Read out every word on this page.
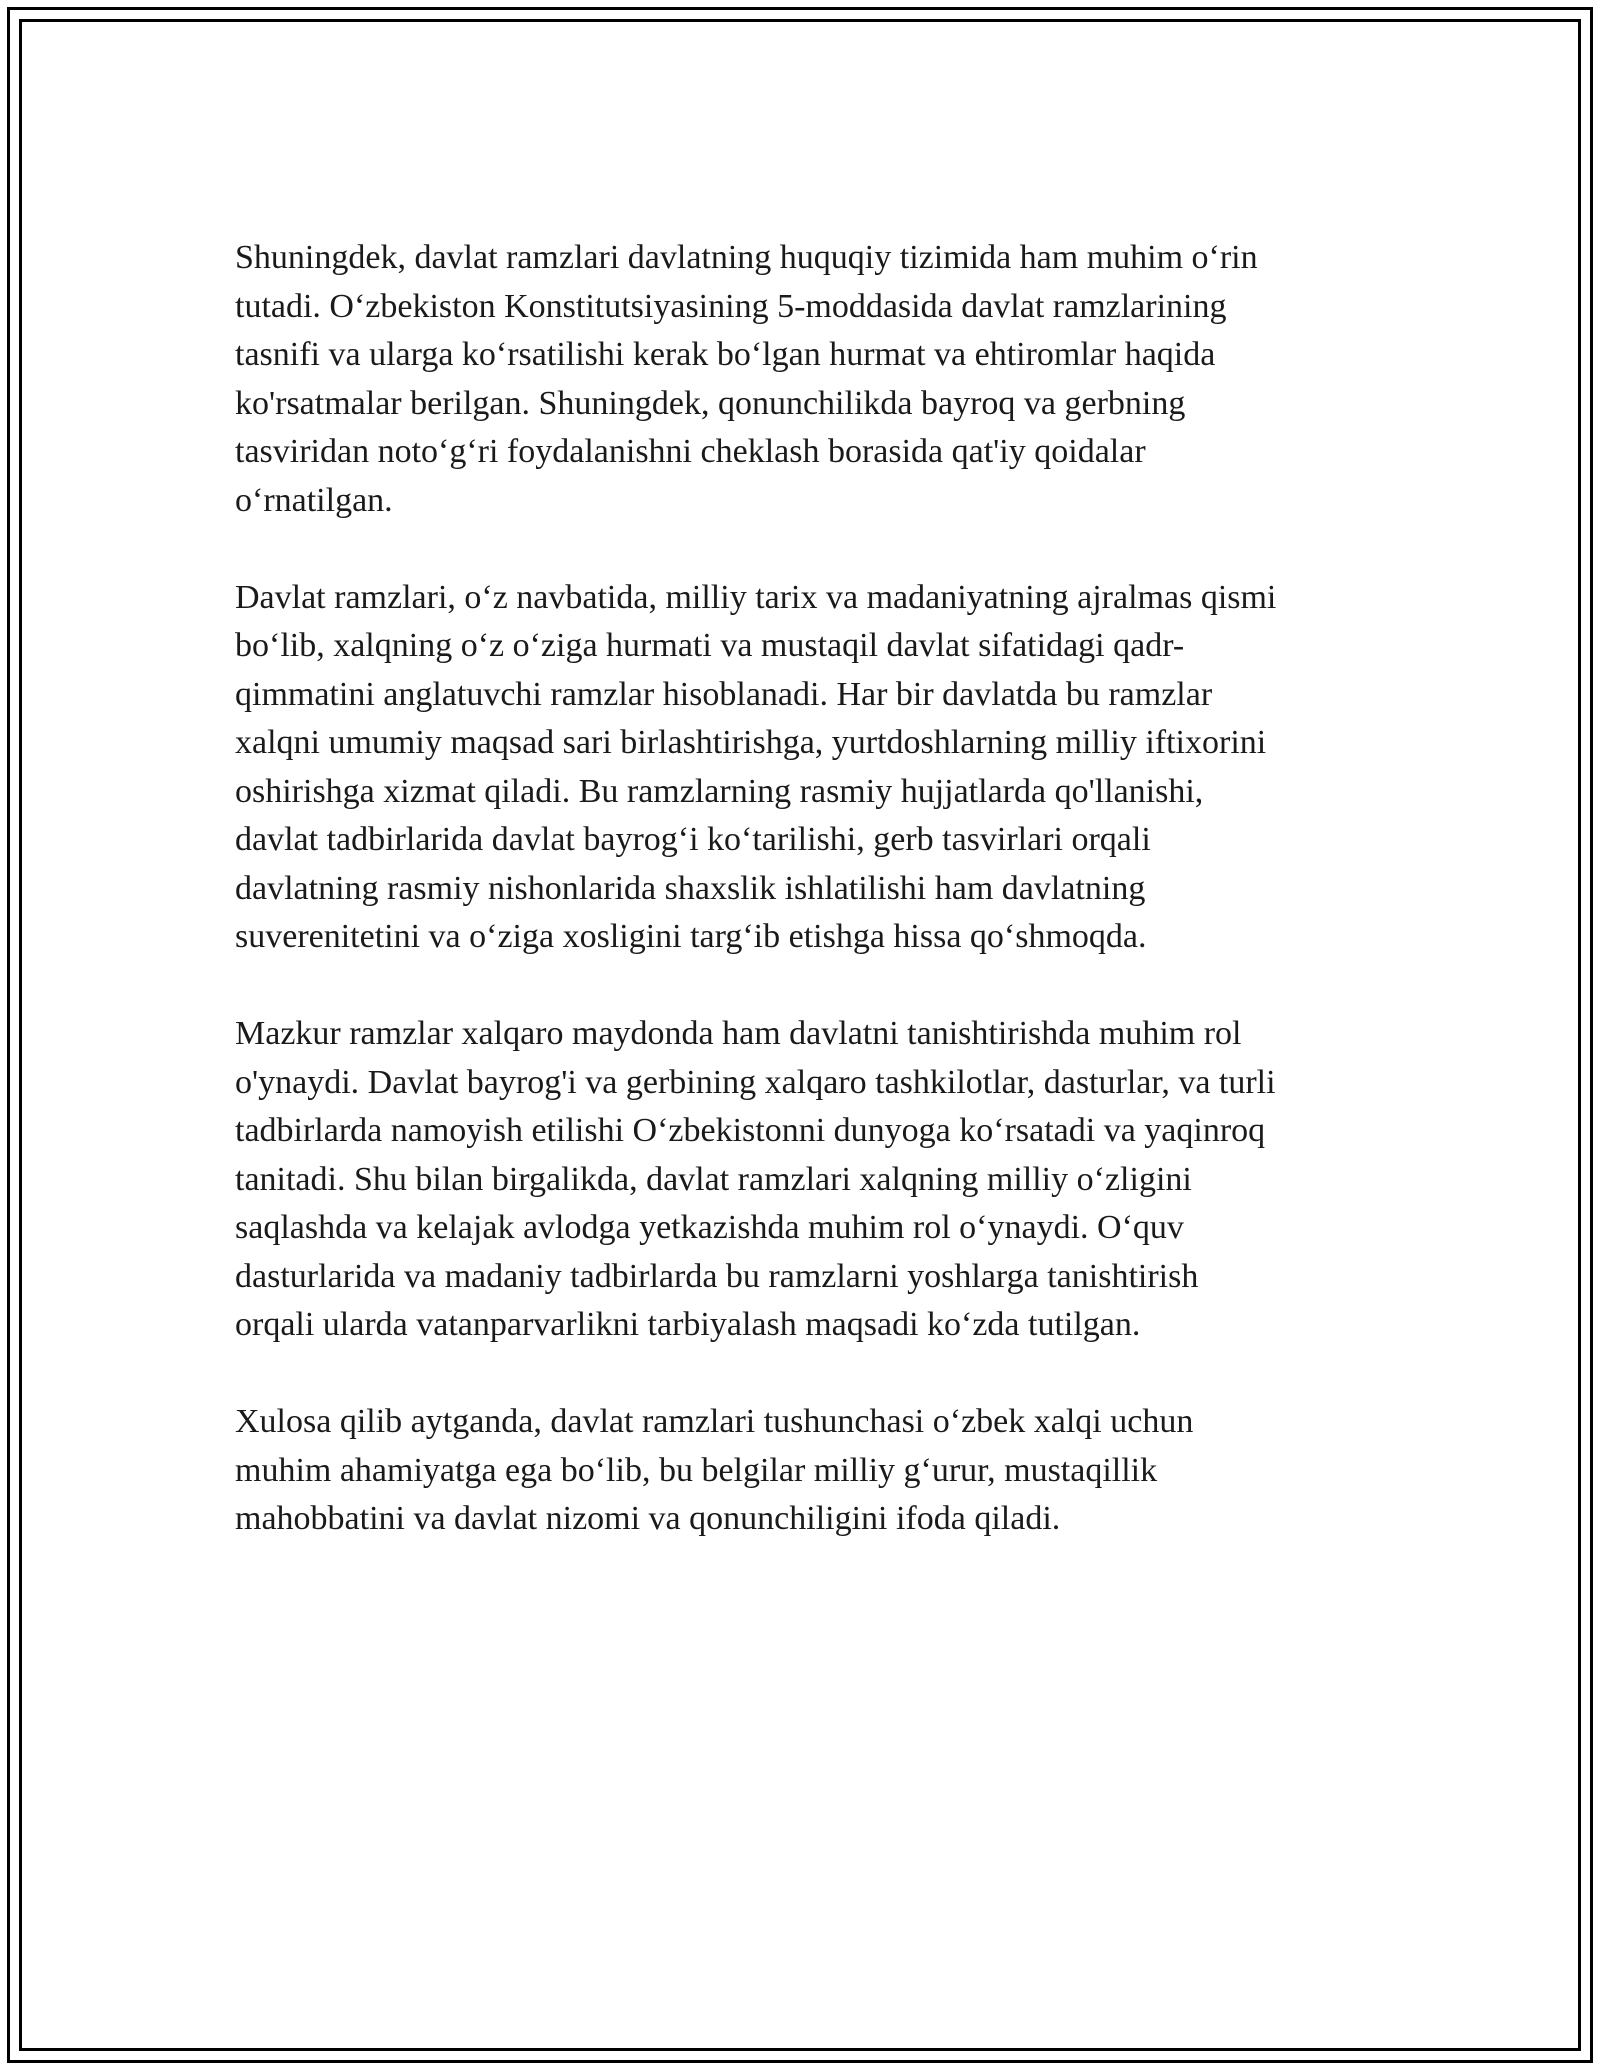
Shuningdek, davlat ramzlari davlatning huquqiy tizimida ham muhim o‘rin
tutadi. O‘zbekiston Konstitutsiyasining 5-moddasida davlat ramzlarining
tasnifi va ularga ko‘rsatilishi kerak bo‘lgan hurmat va ehtiromlar haqida
ko'rsatmalar berilgan. Shuningdek, qonunchilikda bayroq va gerbning
tasviridan noto‘g‘ri foydalanishni cheklash borasida qat'iy qoidalar
o‘rnatilgan.

Davlat ramzlari, o‘z navbatida, milliy tarix va madaniyatning ajralmas qismi
bo‘lib, xalqning o‘z o‘ziga hurmati va mustaqil davlat sifatidagi qadr-
qimmatini anglatuvchi ramzlar hisoblanadi. Har bir davlatda bu ramzlar
xalqni umumiy maqsad sari birlashtirishga, yurtdoshlarning milliy iftixorini
oshirishga xizmat qiladi. Bu ramzlarning rasmiy hujjatlarda qo'llanishi,
davlat tadbirlarida davlat bayrog‘i ko‘tarilishi, gerb tasvirlari orqali
davlatning rasmiy nishonlarida shaxslik ishlatilishi ham davlatning
suverenitetini va o‘ziga xosligini targ‘ib etishga hissa qo‘shmoqda.

Mazkur ramzlar xalqaro maydonda ham davlatni tanishtirishda muhim rol
o'ynaydi. Davlat bayrog'i va gerbining xalqaro tashkilotlar, dasturlar, va turli
tadbirlarda namoyish etilishi O‘zbekistonni dunyoga ko‘rsatadi va yaqinroq
tanitadi. Shu bilan birgalikda, davlat ramzlari xalqning milliy o‘zligini
saqlashda va kelajak avlodga yetkazishda muhim rol o‘ynaydi. O‘quv
dasturlarida va madaniy tadbirlarda bu ramzlarni yoshlarga tanishtirish
orqali ularda vatanparvarlikni tarbiyalash maqsadi ko‘zda tutilgan.

Xulosa qilib aytganda, davlat ramzlari tushunchasi o‘zbek xalqi uchun
muhim ahamiyatga ega bo‘lib, bu belgilar milliy g‘urur, mustaqillik
mahobbatini va davlat nizomi va qonunchiligini ifoda qiladi.
